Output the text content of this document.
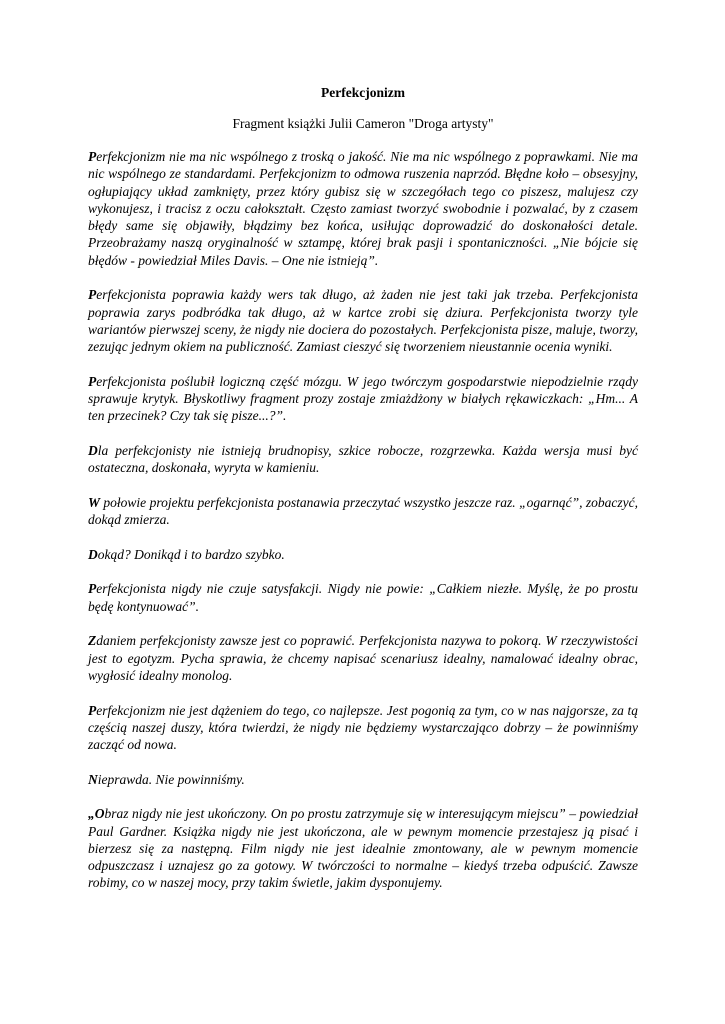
Perfekcjonizm
Fragment książki Julii Cameron "Droga artysty"

Perfekcjonizm nie ma nic wspólnego z troską o jakość. Nie ma nic wspólnego z poprawkami. Nie ma nic wspólnego ze standardami. Perfekcjonizm to odmowa ruszenia naprzód. Błędne koło – obsesyjny, ogłupiający układ zamknięty, przez który gubisz się w szczegółach tego co piszesz, malujesz czy wykonujesz, i tracisz z oczu całokształt. Często zamiast tworzyć swobodnie i pozwalać, by z czasem błędy same się objawiły, błądzimy bez końca, usiłując doprowadzić do doskonałości detale. Przeobrażamy naszą oryginalność w sztampę, której brak pasji i spontaniczności. „Nie bójcie się błędów - powiedział Miles Davis. – One nie istnieją”.

Perfekcjonista poprawia każdy wers tak długo, aż żaden nie jest taki jak trzeba. Perfekcjonista poprawia zarys podbródka tak długo, aż w kartce zrobi się dziura. Perfekcjonista tworzy tyle wariantów pierwszej sceny, że nigdy nie dociera do pozostałych. Perfekcjonista pisze, maluje, tworzy, zezując jednym okiem na publiczność. Zamiast cieszyć się tworzeniem nieustannie ocenia wyniki.

Perfekcjonista poślubił logiczną część mózgu. W jego twórczym gospodarstwie niepodzielnie rządy sprawuje krytyk. Błyskotliwy fragment prozy zostaje zmiażdżony w białych rękawiczkach: „Hm... A ten przecinek? Czy tak się pisze...?”.

Dla perfekcjonisty nie istnieją brudnopisy, szkice robocze, rozgrzewka. Każda wersja musi być ostateczna, doskonała, wyryta w kamieniu.

W połowie projektu perfekcjonista postanawia przeczytać wszystko jeszcze raz. „ogarnąć”, zobaczyć, dokąd zmierza.

Dokąd? Donikąd i to bardzo szybko.

Perfekcjonista nigdy nie czuje satysfakcji. Nigdy nie powie: „Całkiem niezłe. Myślę, że po prostu będę kontynuować”.

Zdaniem perfekcjonisty zawsze jest co poprawić. Perfekcjonista nazywa to pokorą. W rzeczywistości jest to egotyzm. Pycha sprawia, że chcemy napisać scenariusz idealny, namalować idealny obrac, wygłosić idealny monolog.

Perfekcjonizm nie jest dążeniem do tego, co najlepsze. Jest pogonią za tym, co w nas najgorsze, za tą częścią naszej duszy, która twierdzi, że nigdy nie będziemy wystarczająco dobrzy – że powinniśmy zacząć od nowa.

Nieprawda. Nie powinniśmy.

„Obraz nigdy nie jest ukończony. On po prostu zatrzymuje się w interesującym miejscu” – powiedział Paul Gardner. Książka nigdy nie jest ukończona, ale w pewnym momencie przestajesz ją pisać i bierzesz się za następną. Film nigdy nie jest idealnie zmontowany, ale w pewnym momencie odpuszczasz i uznajesz go za gotowy. W twórczości to normalne – kiedyś trzeba odpuścić. Zawsze robimy, co w naszej mocy, przy takim świetle, jakim dysponujemy.
